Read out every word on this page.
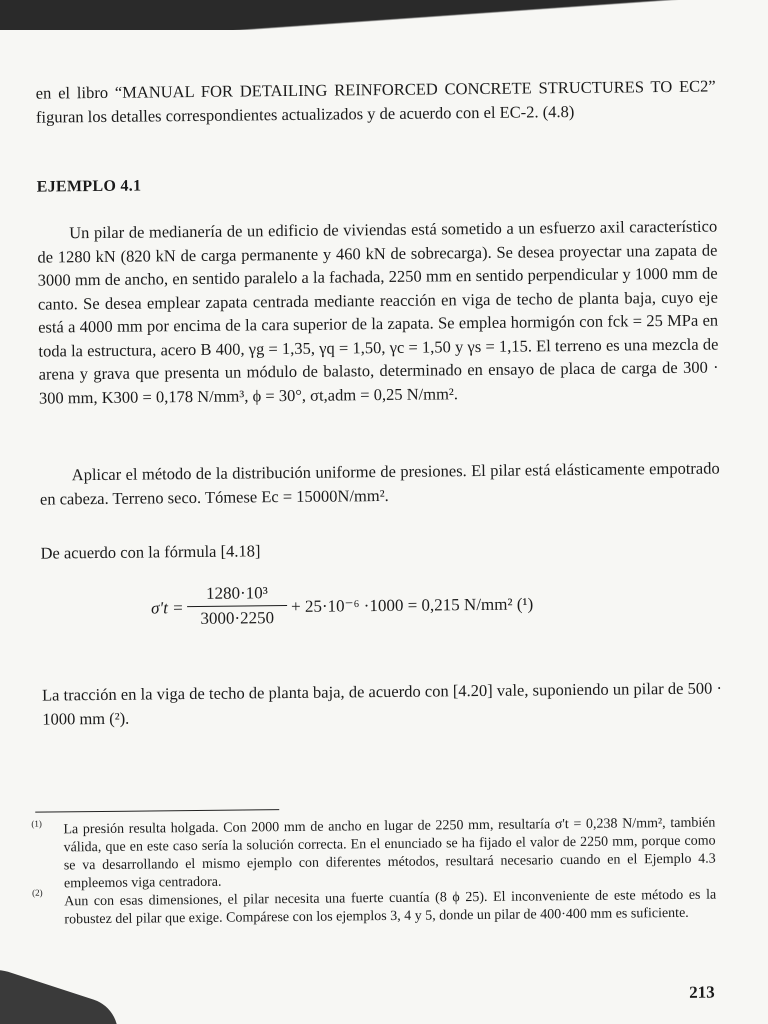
en el libro “MANUAL FOR DETAILING REINFORCED CONCRETE STRUCTURES TO EC2” figuran los detalles correspondientes actualizados y de acuerdo con el EC-2. (4.8)
EJEMPLO 4.1
Un pilar de medianería de un edificio de viviendas está sometido a un esfuerzo axil característico de 1280 kN (820 kN de carga permanente y 460 kN de sobrecarga). Se desea proyectar una zapata de 3000 mm de ancho, en sentido paralelo a la fachada, 2250 mm en sentido perpendicular y 1000 mm de canto. Se desea emplear zapata centrada mediante reacción en viga de techo de planta baja, cuyo eje está a 4000 mm por encima de la cara superior de la zapata. Se emplea hormigón con fck = 25 MPa en toda la estructura, acero B 400, γg = 1,35, γq = 1,50, γc = 1,50 y γs = 1,15. El terreno es una mezcla de arena y grava que presenta un módulo de balasto, determinado en ensayo de placa de carga de 300 · 300 mm, K300 = 0,178 N/mm³, ϕ = 30°, σt,adm = 0,25 N/mm².
Aplicar el método de la distribución uniforme de presiones. El pilar está elásticamente empotrado en cabeza. Terreno seco. Tómese Ec = 15000N/mm².
De acuerdo con la fórmula [4.18]
$\sigma't = \frac{\text{1280·10³}}{3000\cdot 2250} + 25\cdot 10^{-6} \cdot 1000 = 0,215$ N/mm² (¹)
La tracción en la viga de techo de planta baja, de acuerdo con [4.20] vale, suponiendo un pilar de 500 · 1000 mm (²).
(1) La presión resulta holgada. Con 2000 mm de ancho en lugar de 2250 mm, resultaría σ't = 0,238 N/mm², también válida, que en este caso sería la solución correcta. En el enunciado se ha fijado el valor de 2250 mm, porque como se va desarrollando el mismo ejemplo con diferentes métodos, resultará necesario cuando en el Ejemplo 4.3 empleemos viga centradora.
(2) Aun con esas dimensiones, el pilar necesita una fuerte cuantía (8 ϕ 25). El inconveniente de este método es la robustez del pilar que exige. Compárese con los ejemplos 3, 4 y 5, donde un pilar de 400·400 mm es suficiente.
213
